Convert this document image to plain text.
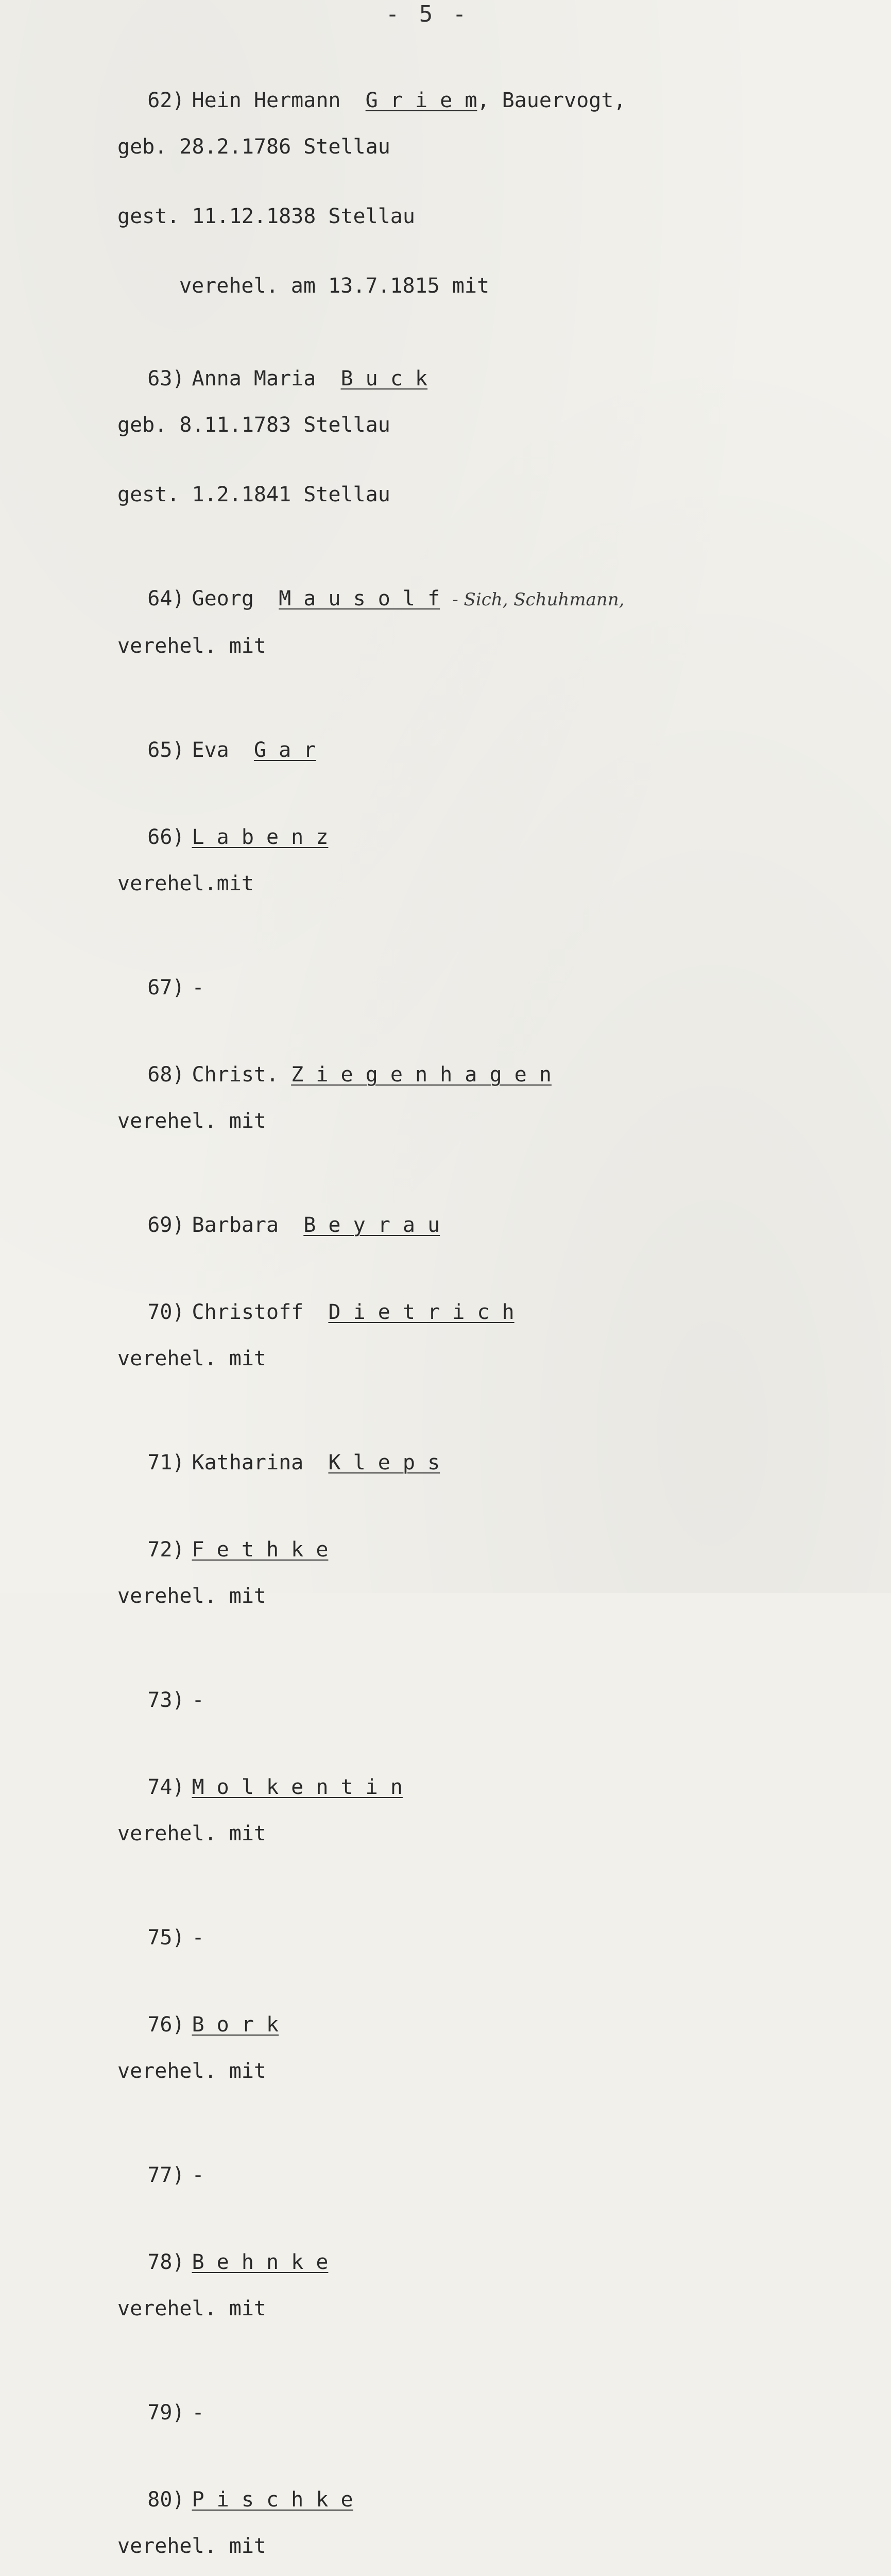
- 5 -

62) Hein Hermann  G r i e m, Bauervogt,

geb. 28.2.1786 Stellau

gest. 11.12.1838 Stellau

verehel. am 13.7.1815 mit

63) Anna Maria  B u c k

geb. 8.11.1783 Stellau

gest. 1.2.1841 Stellau

64) Georg  M a u s o l f - Sich, Schuhmann,

verehel. mit

65) Eva  G a r

66) L a b e n z

verehel.mit

67) -

68) Christ. Z i e g e n h a g e n

verehel. mit

69) Barbara  B e y r a u

70) Christoff  D i e t r i c h

verehel. mit

71) Katharina  K l e p s

72) F e t h k e

verehel. mit

73) -

74) M o l k e n t i n

verehel. mit

75) -

76) B o r k

verehel. mit

77) -

78) B e h n k e

verehel. mit

79) -

80) P i s c h k e

verehel. mit
